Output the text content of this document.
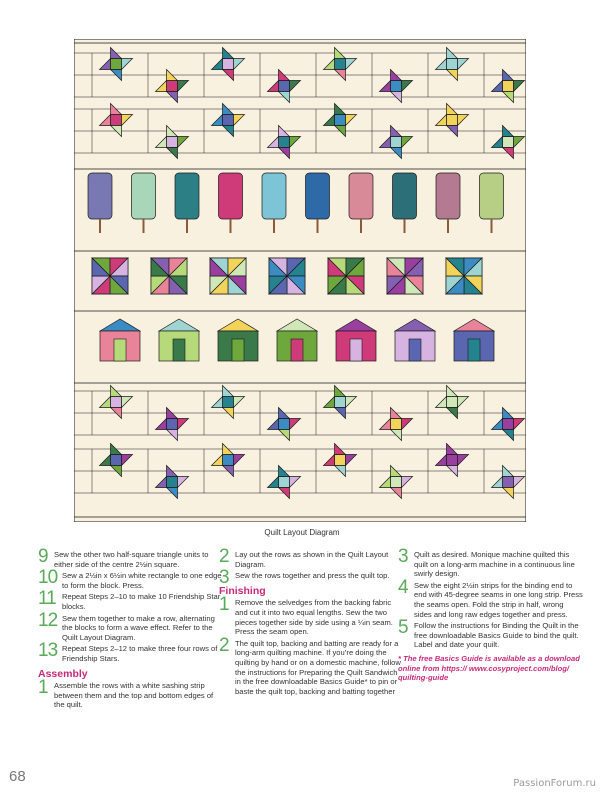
Quilt Layout Diagram
9 Sew the other two half-square triangle units to either side of the centre 2½in square.
10 Sew a 2½in x 6½in white rectangle to one edge to form the block. Press.
11 Repeat Steps 2–10 to make 10 Friendship Star blocks.
12 Sew them together to make a row, alternating the blocks to form a wave effect. Refer to the Quilt Layout Diagram.
13 Repeat Steps 2–12 to make three four rows of Friendship Stars.
Assembly
1 Assemble the rows with a white sashing strip between them and the top and bottom edges of the quilt.
2 Lay out the rows as shown in the Quilt Layout Diagram.
3 Sew the rows together and press the quilt top.
Finishing
1 Remove the selvedges from the backing fabric and cut it into two equal lengths. Sew the two pieces together side by side using a ¼in seam. Press the seam open.
2 The quilt top, backing and batting are ready for a long-arm quilting machine. If you’re doing the quilting by hand or on a domestic machine, follow the instructions for Preparing the Quilt Sandwich in the free downloadable Basics Guide* to pin or baste the quilt top, backing and batting together
3 Quilt as desired. Monique machine quilted this quilt on a long-arm machine in a continuous line swirly design.
4 Sew the eight 2½in strips for the binding end to end with 45-degree seams in one long strip. Press the seams open. Fold the strip in half, wrong sides and long raw edges together and press.
5 Follow the instructions for Binding the Quilt in the free downloadable Basics Guide to bind the quilt. Label and date your quilt.
* The free Basics Guide is available as a download online from https:// www.cosyproject.com/blog/ quilting-guide
68	PassionForum.ru
